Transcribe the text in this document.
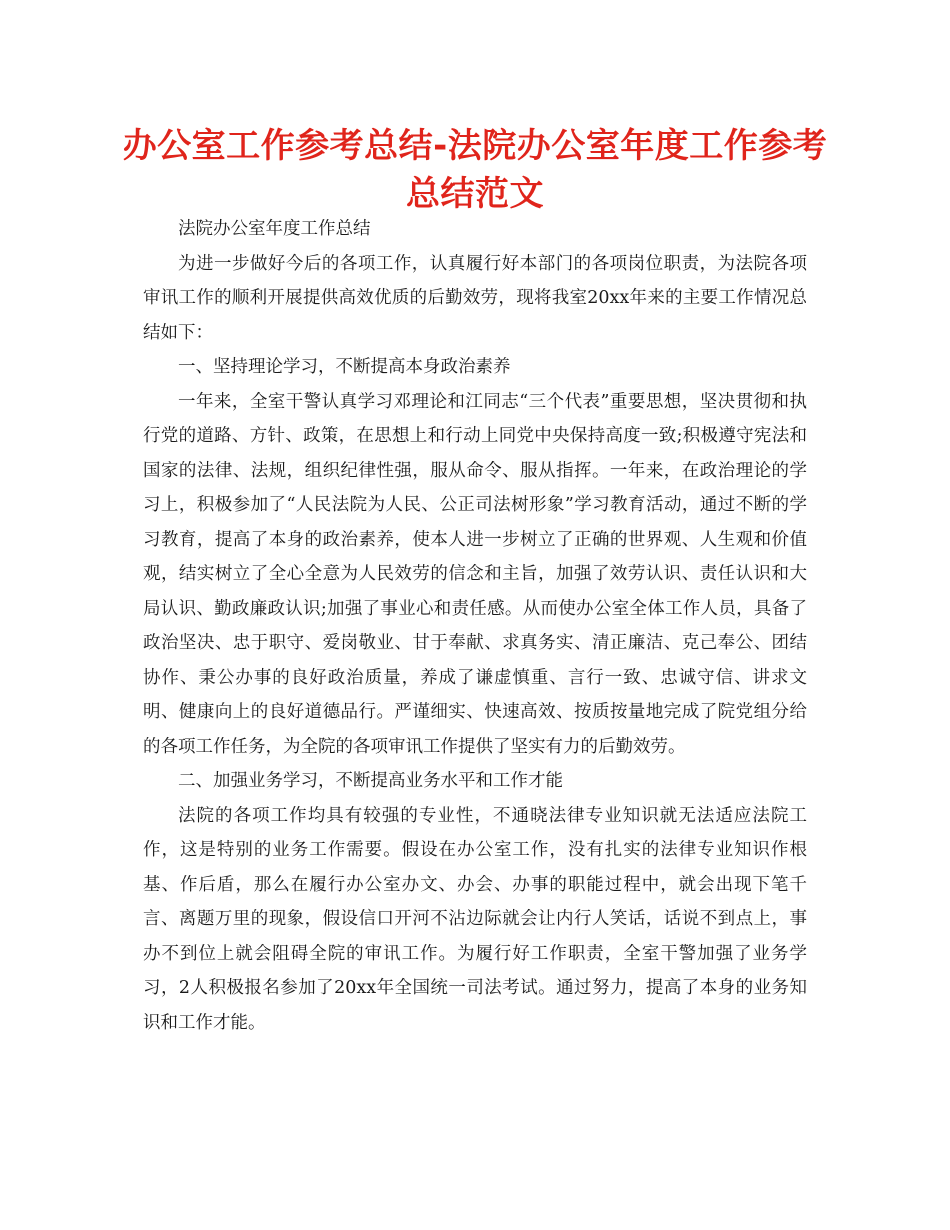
办公室工作参考总结-法院办公室年度工作参考总结范文

法院办公室年度工作总结

为进一步做好今后的各项工作，认真履行好本部门的各项岗位职责，为法院各项审讯工作的顺利开展提供高效优质的后勤效劳，现将我室20xx年来的主要工作情况总结如下：

一、坚持理论学习，不断提高本身政治素养

一年来，全室干警认真学习邓理论和江同志“三个代表”重要思想，坚决贯彻和执行党的道路、方针、政策，在思想上和行动上同党中央保持高度一致;积极遵守宪法和国家的法律、法规，组织纪律性强，服从命令、服从指挥。一年来，在政治理论的学习上，积极参加了“人民法院为人民、公正司法树形象”学习教育活动，通过不断的学习教育，提高了本身的政治素养，使本人进一步树立了正确的世界观、人生观和价值观，结实树立了全心全意为人民效劳的信念和主旨，加强了效劳认识、责任认识和大局认识、勤政廉政认识;加强了事业心和责任感。从而使办公室全体工作人员，具备了政治坚决、忠于职守、爱岗敬业、甘于奉献、求真务实、清正廉洁、克己奉公、团结协作、秉公办事的良好政治质量，养成了谦虚慎重、言行一致、忠诚守信、讲求文明、健康向上的良好道德品行。严谨细实、快速高效、按质按量地完成了院党组分给的各项工作任务，为全院的各项审讯工作提供了坚实有力的后勤效劳。

二、加强业务学习，不断提高业务水平和工作才能

法院的各项工作均具有较强的专业性，不通晓法律专业知识就无法适应法院工作，这是特别的业务工作需要。假设在办公室工作，没有扎实的法律专业知识作根基、作后盾，那么在履行办公室办文、办会、办事的职能过程中，就会出现下笔千言、离题万里的现象，假设信口开河不沾边际就会让内行人笑话，话说不到点上，事办不到位上就会阻碍全院的审讯工作。为履行好工作职责，全室干警加强了业务学习，2人积极报名参加了20xx年全国统一司法考试。通过努力，提高了本身的业务知识和工作才能。
